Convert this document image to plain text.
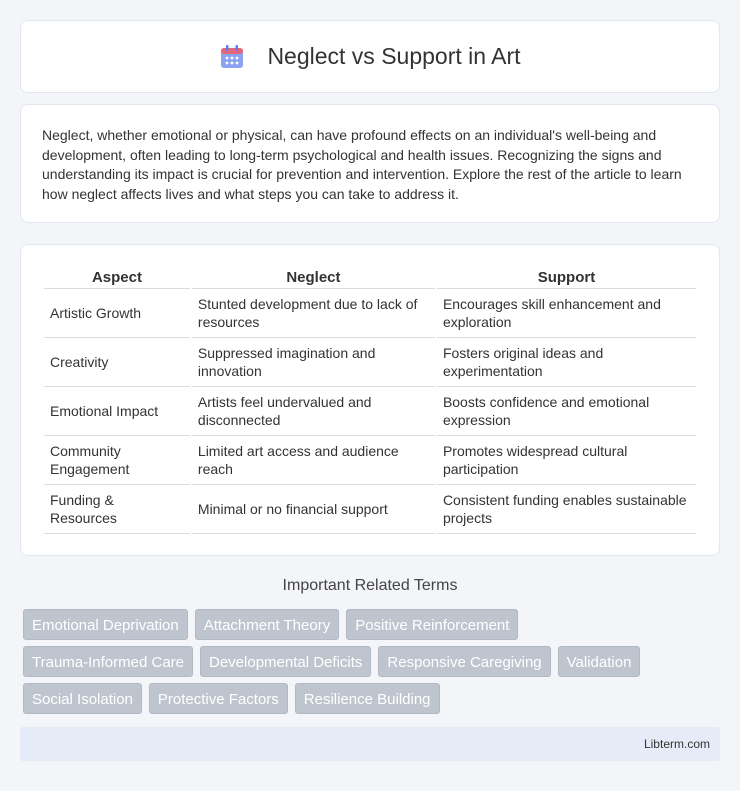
Neglect vs Support in Art

Neglect, whether emotional or physical, can have profound effects on an individual's well-being and development, often leading to long-term psychological and health issues. Recognizing the signs and understanding its impact is crucial for prevention and intervention. Explore the rest of the article to learn how neglect affects lives and what steps you can take to address it.

Aspect	Neglect	Support
Artistic Growth	Stunted development due to lack of resources	Encourages skill enhancement and exploration
Creativity	Suppressed imagination and innovation	Fosters original ideas and experimentation
Emotional Impact	Artists feel undervalued and disconnected	Boosts confidence and emotional expression
Community Engagement	Limited art access and audience reach	Promotes widespread cultural participation
Funding & Resources	Minimal or no financial support	Consistent funding enables sustainable projects
Important Related Terms
Emotional Deprivation	Attachment Theory	Positive Reinforcement
Trauma-Informed Care	Developmental Deficits	Responsive Caregiving	Validation
Social Isolation	Protective Factors	Resilience Building
Libterm.com
